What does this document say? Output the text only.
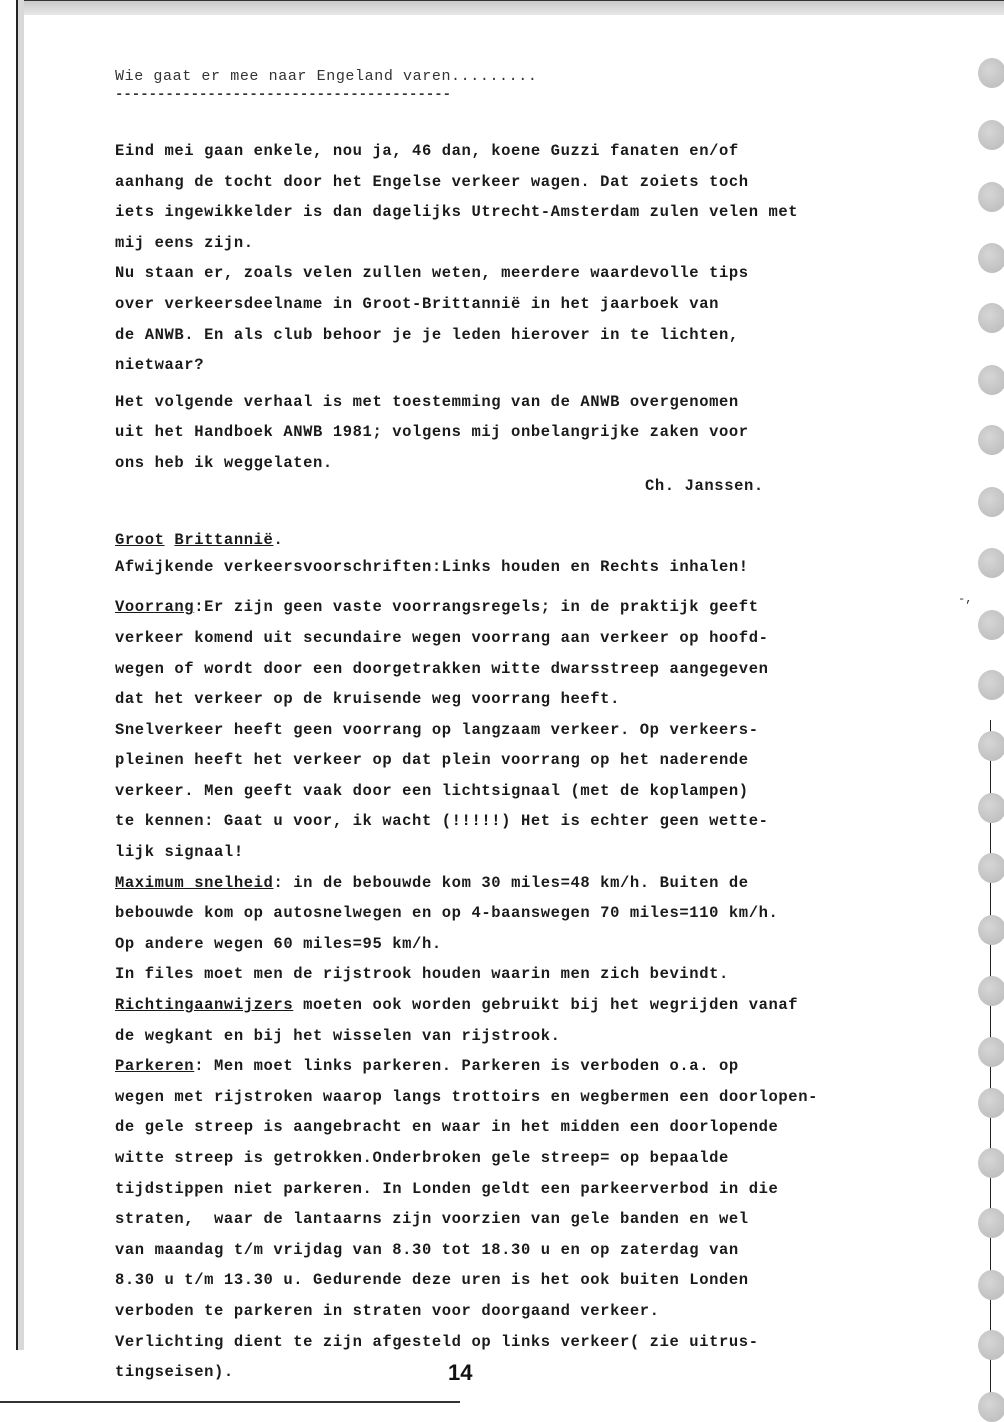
-,
Wie gaat er mee naar Engeland varen.........
----------------------------------------
Eind mei gaan enkele, nou ja, 46 dan, koene Guzzi fanaten en/of
aanhang de tocht door het Engelse verkeer wagen. Dat zoiets toch
iets ingewikkelder is dan dagelijks Utrecht-Amsterdam zulen velen met
mij eens zijn.
Nu staan er, zoals velen zullen weten, meerdere waardevolle tips
over verkeersdeelname in Groot-Brittannië in het jaarboek van
de ANWB. En als club behoor je je leden hierover in te lichten,
nietwaar?
Het volgende verhaal is met toestemming van de ANWB overgenomen
uit het Handboek ANWB 1981; volgens mij onbelangrijke zaken voor
ons heb ik weggelaten.
Ch. Janssen.
Groot Brittannië.
Afwijkende verkeersvoorschriften:Links houden en Rechts inhalen!
Voorrang:Er zijn geen vaste voorrangsregels; in de praktijk geeft
verkeer komend uit secundaire wegen voorrang aan verkeer op hoofd-
wegen of wordt door een doorgetrakken witte dwarsstreep aangegeven
dat het verkeer op de kruisende weg voorrang heeft.
Snelverkeer heeft geen voorrang op langzaam verkeer. Op verkeers-
pleinen heeft het verkeer op dat plein voorrang op het naderende
verkeer. Men geeft vaak door een lichtsignaal (met de koplampen)
te kennen: Gaat u voor, ik wacht (!!!!!) Het is echter geen wette-
lijk signaal!
Maximum snelheid: in de bebouwde kom 30 miles=48 km/h. Buiten de
bebouwde kom op autosnelwegen en op 4-baanswegen 70 miles=110 km/h.
Op andere wegen 60 miles=95 km/h.
In files moet men de rijstrook houden waarin men zich bevindt.
Richtingaanwijzers moeten ook worden gebruikt bij het wegrijden vanaf
de wegkant en bij het wisselen van rijstrook.
Parkeren: Men moet links parkeren. Parkeren is verboden o.a. op
wegen met rijstroken waarop langs trottoirs en wegbermen een doorlopen-
de gele streep is aangebracht en waar in het midden een doorlopende
witte streep is getrokken.Onderbroken gele streep= op bepaalde
tijdstippen niet parkeren. In Londen geldt een parkeerverbod in die
straten,  waar de lantaarns zijn voorzien van gele banden en wel
van maandag t/m vrijdag van 8.30 tot 18.30 u en op zaterdag van
8.30 u t/m 13.30 u. Gedurende deze uren is het ook buiten Londen
verboden te parkeren in straten voor doorgaand verkeer.
Verlichting dient te zijn afgesteld op links verkeer( zie uitrus-
tingseisen).	14
